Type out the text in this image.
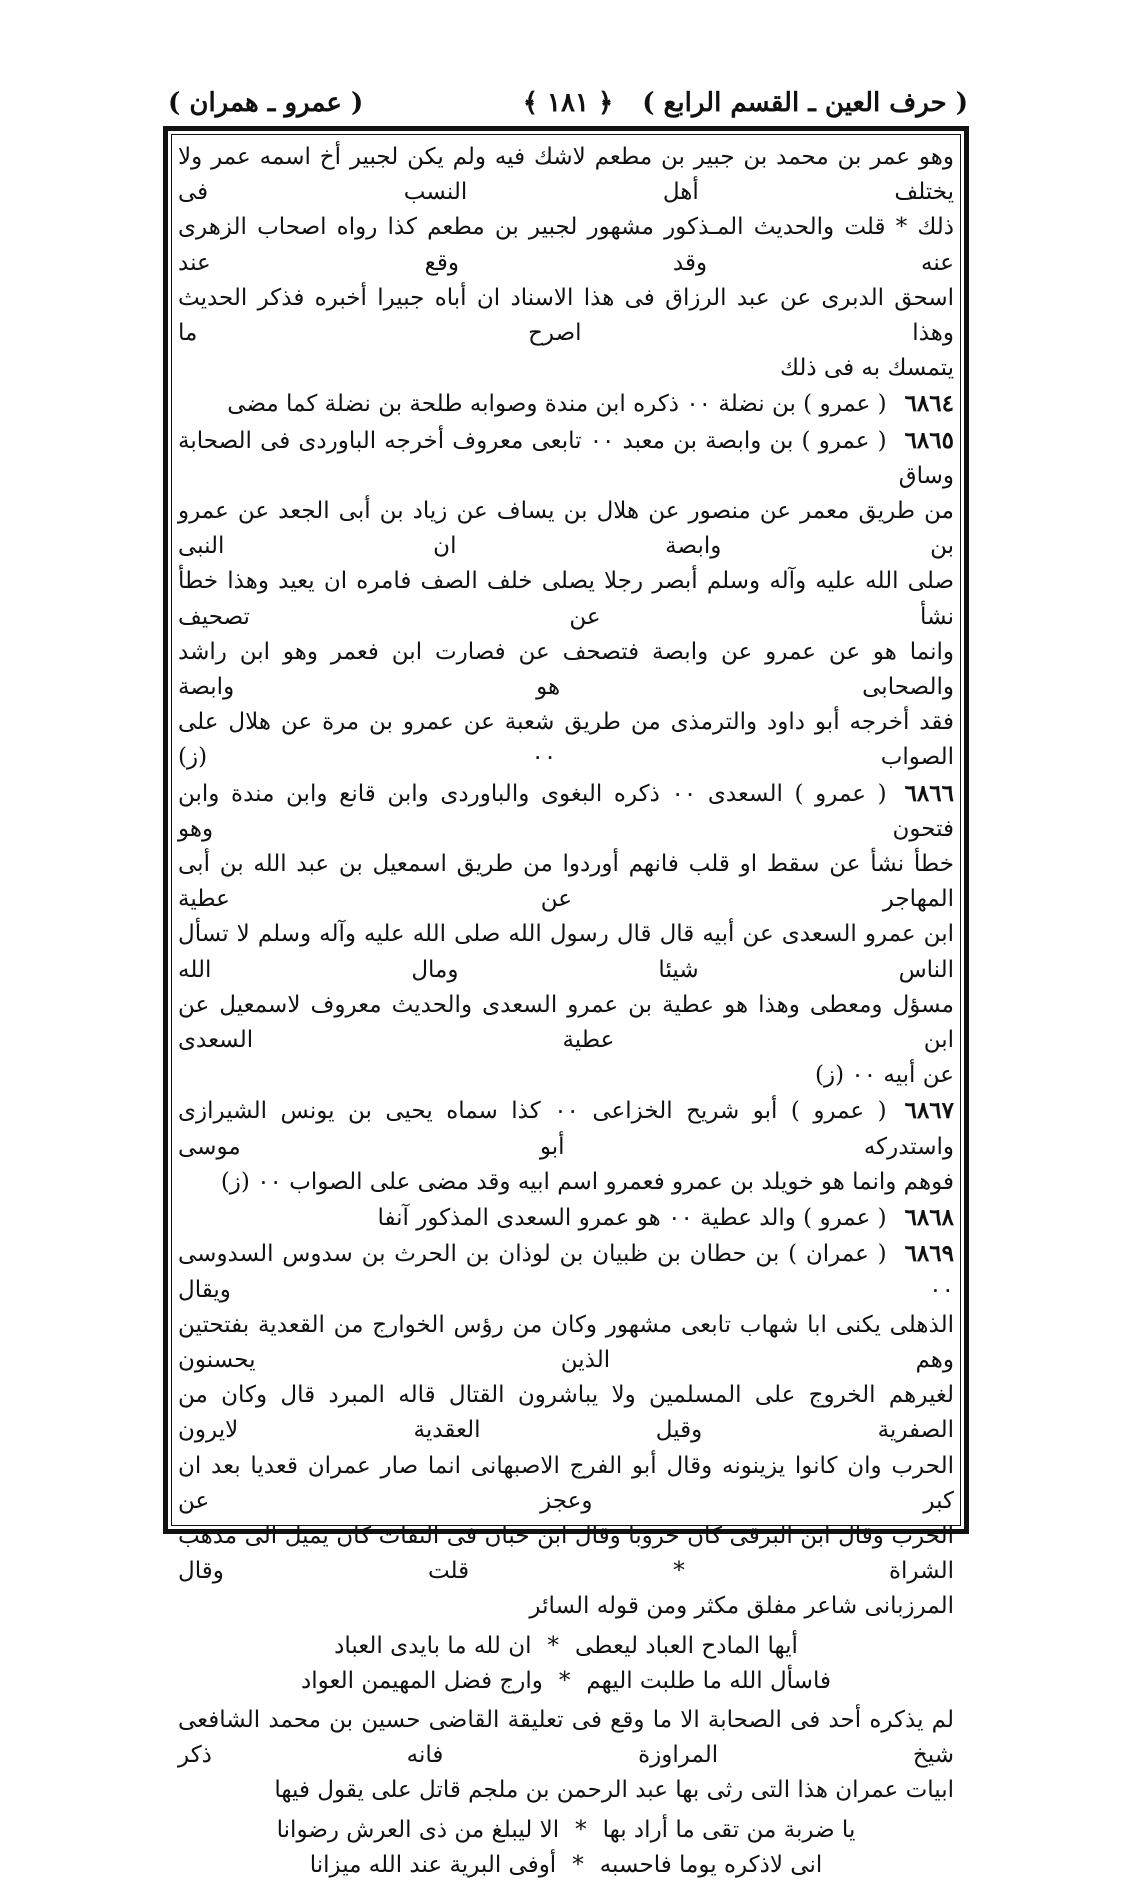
( حرف العين ـ القسم الرابع )
﴿ ١٨١ ﴾
( عمرو ـ همران )

وهو عمر بن محمد بن جبير بن مطعم لاشك فيه ولم يكن لجبير أخ اسمه عمر ولا يختلف أهل النسب فى

ذلك * قلت والحديث المـذكور مشهور لجبير بن مطعم كذا رواه اصحاب الزهرى عنه وقد وقع عند

اسحق الدبرى عن عبد الرزاق فى هذا الاسناد ان أباه جبيرا أخبره فذكر الحديث وهذا اصرح ما

يتمسك به فى ذلك

٦٨٦٤( عمرو ) بن نضلة ٠٠ ذكره ابن مندة وصوابه طلحة بن نضلة كما مضى

٦٨٦٥( عمرو ) بن وابصة بن معبد ٠٠ تابعى معروف أخرجه الباوردى فى الصحابة وساق

من طريق معمر عن منصور عن هلال بن يساف عن زياد بن أبى الجعد عن عمرو بن وابصة ان النبى

صلى الله عليه وآله وسلم أبصر رجلا يصلى خلف الصف فامره ان يعيد وهذا خطأ نشأ عن تصحيف

وانما هو عن عمرو عن وابصة فتصحف عن فصارت ابن فعمر وهو ابن راشد والصحابى هو وابصة

فقد أخرجه أبو داود والترمذى من طريق شعبة عن عمرو بن مرة عن هلال على الصواب ٠٠ (ز)

٦٨٦٦( عمرو ) السعدى ٠٠ ذكره البغوى والباوردى وابن قانع وابن مندة وابن فتحون وهو

خطأ نشأ عن سقط او قلب فانهم أوردوا من طريق اسمعيل بن عبد الله بن أبى المهاجر عن عطية

ابن عمرو السعدى عن أبيه قال قال رسول الله صلى الله عليه وآله وسلم لا تسأل الناس شيئا ومال الله

مسؤل ومعطى وهذا هو عطية بن عمرو السعدى والحديث معروف لاسمعيل عن ابن عطية السعدى

عن أبيه ٠٠ (ز)

٦٨٦٧( عمرو ) أبو شريح الخزاعى ٠٠ كذا سماه يحيى بن يونس الشيرازى واستدركه أبو موسى

فوهم وانما هو خويلد بن عمرو فعمرو اسم ابيه وقد مضى على الصواب ٠٠ (ز)

٦٨٦٨( عمرو ) والد عطية ٠٠ هو عمرو السعدى المذكور آنفا

٦٨٦٩( عمران ) بن حطان بن ظبيان بن لوذان بن الحرث بن سدوس السدوسى ٠٠ ويقال

الذهلى يكنى ابا شهاب تابعى مشهور وكان من رؤس الخوارج من القعدية بفتحتين وهم الذين يحسنون

لغيرهم الخروج على المسلمين ولا يباشرون القتال قاله المبرد قال وكان من الصفرية وقيل العقدية لايرون

الحرب وان كانوا يزينونه وقال أبو الفرج الاصبهانى انما صار عمران قعديا بعد ان كبر وعجز عن

الحرب وقال ابن البرقى كان حروبا وقال ابن حبان فى الثقات كان يميل الى مذهب الشراة * قلت وقال

المرزبانى شاعر مفلق مكثر ومن قوله السائر

أيها المادح العباد ليعطى*ان لله ما بايدى العباد

فاسأل الله ما طلبت اليهم*وارج فضل المهيمن العواد

لم يذكره أحد فى الصحابة الا ما وقع فى تعليقة القاضى حسين بن محمد الشافعى شيخ المراوزة فانه ذكر

ابيات عمران هذا التى رثى بها عبد الرحمن بن ملجم قاتل على يقول فيها

يا ضربة من تقى ما أراد بها*الا ليبلغ من ذى العرش رضوانا

انى لاذكره يوما فاحسبه*أوفى البرية عند الله ميزانا
